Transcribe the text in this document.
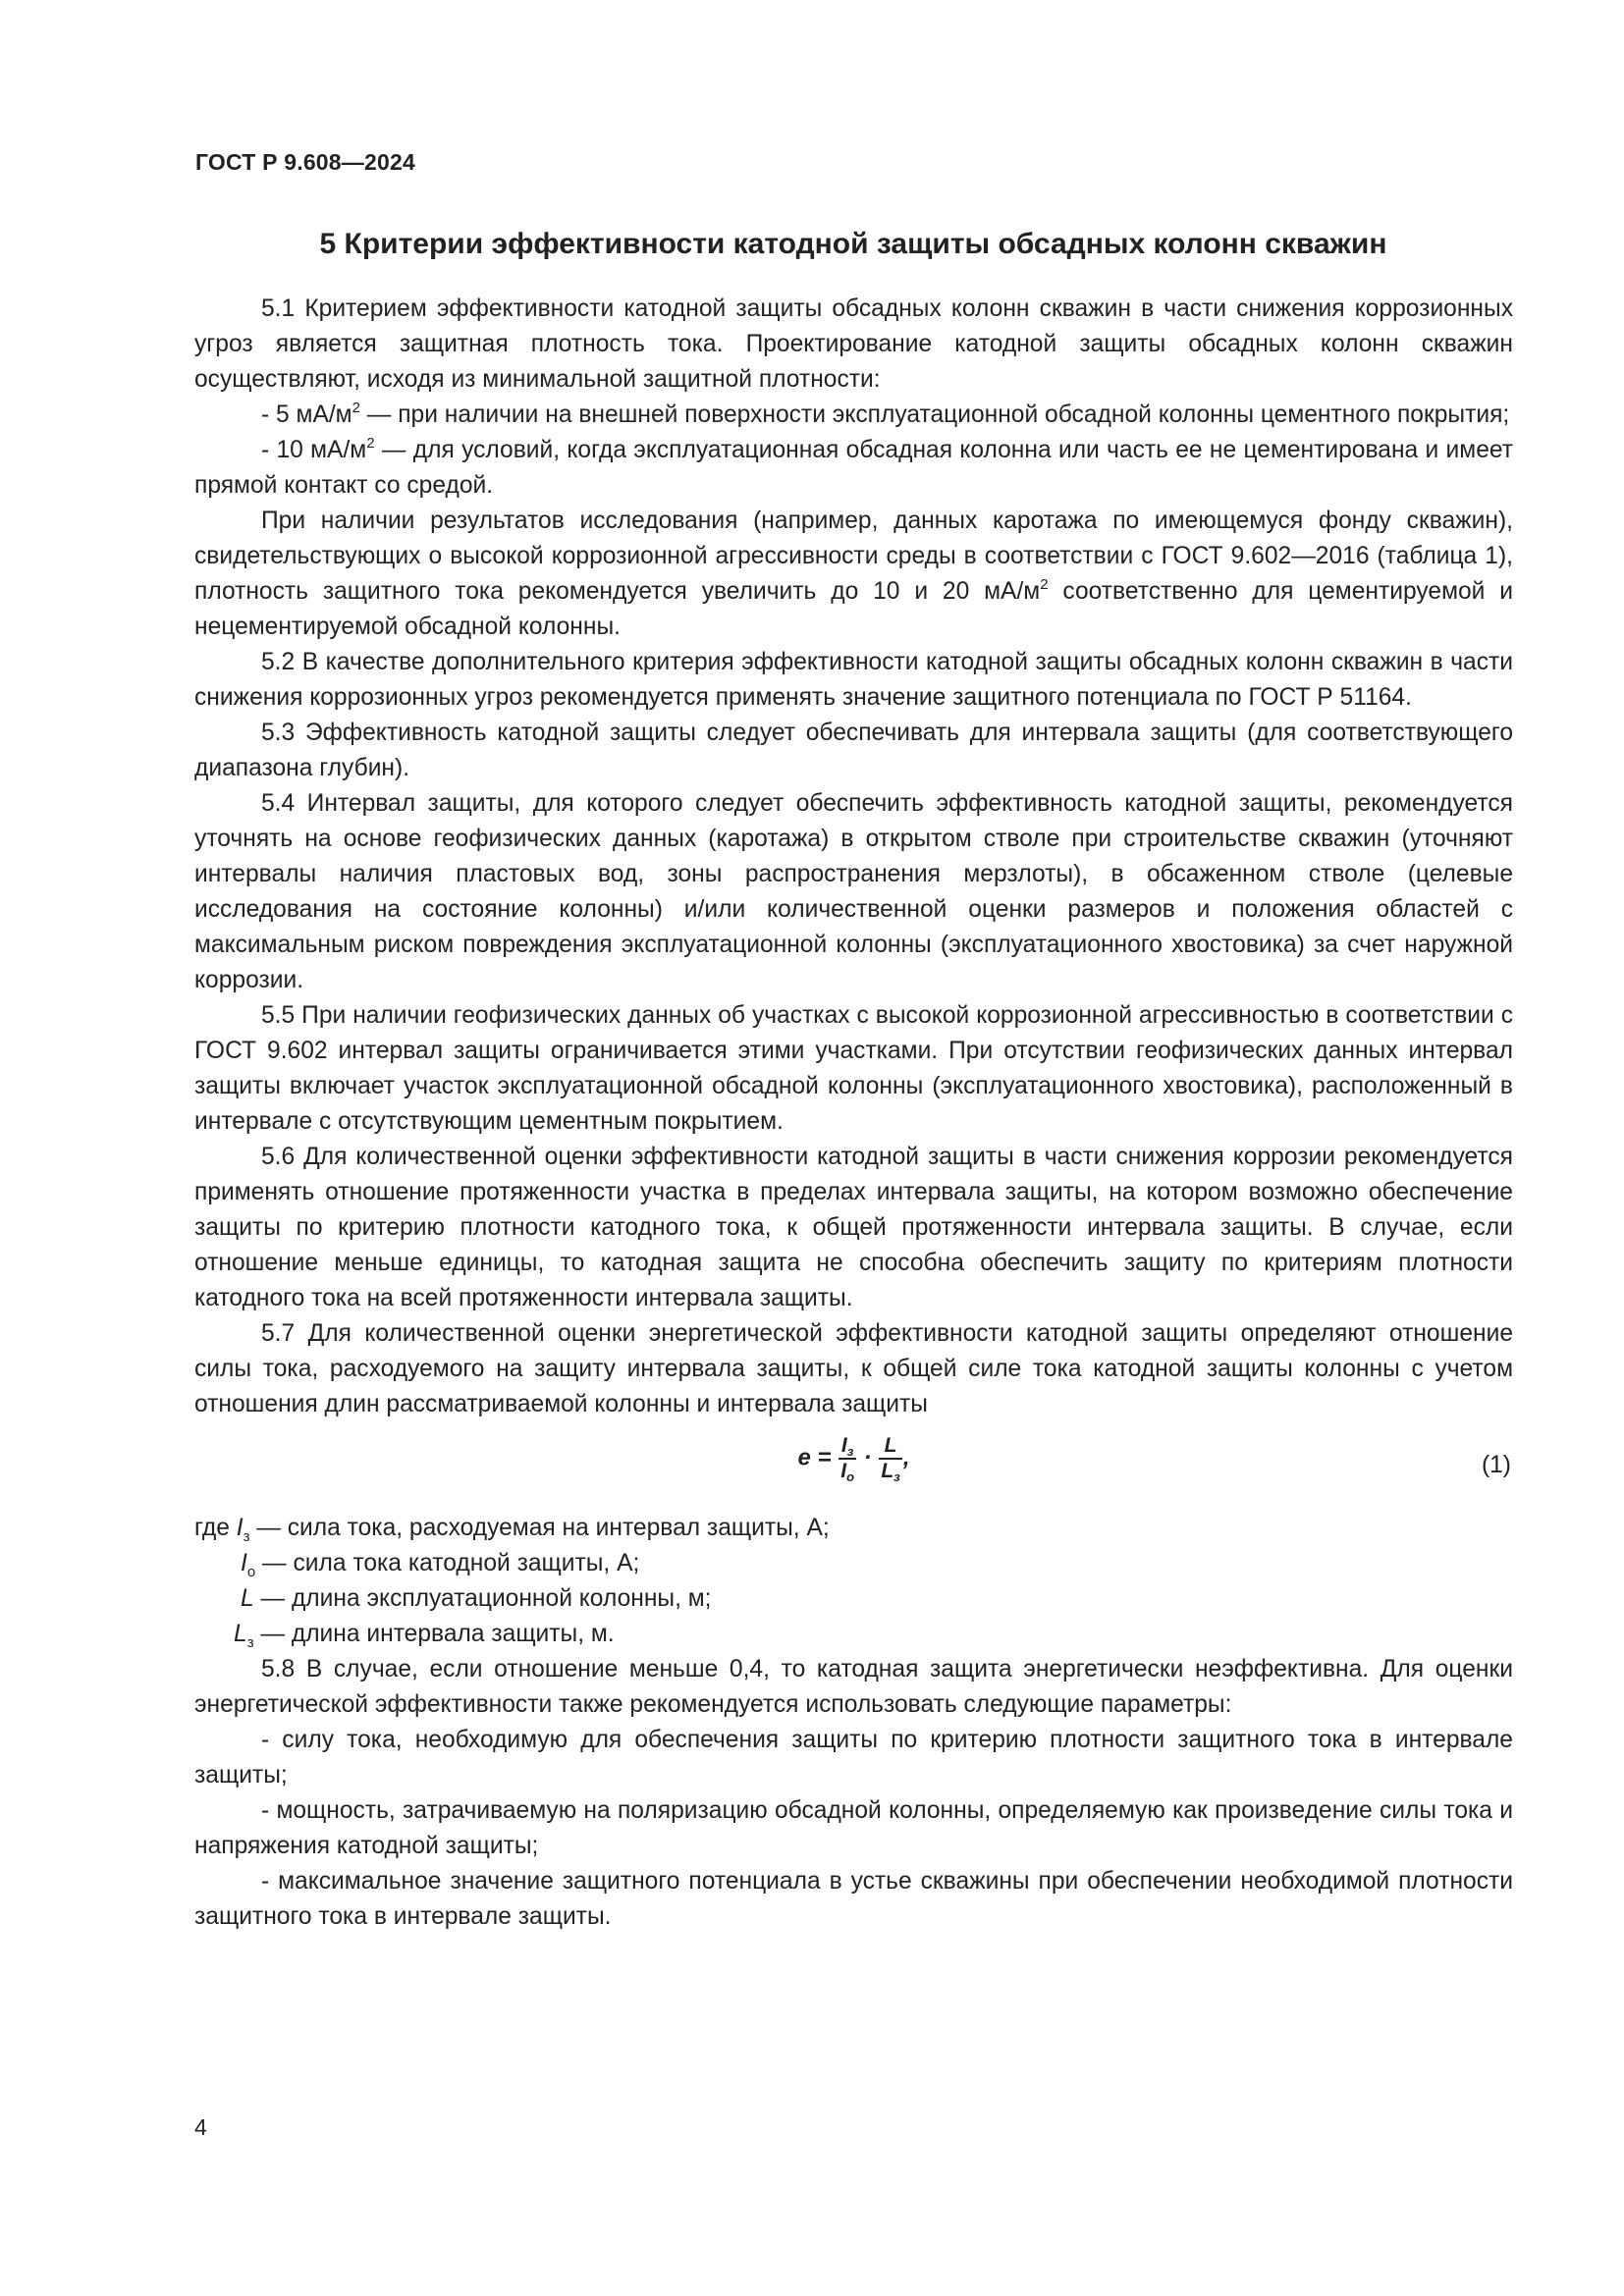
ГОСТ Р 9.608—2024
5 Критерии эффективности катодной защиты обсадных колонн скважин

5.1 Критерием эффективности катодной защиты обсадных колонн скважин в части снижения коррозионных угроз является защитная плотность тока. Проектирование катодной защиты обсадных колонн скважин осуществляют, исходя из минимальной защитной плотности:

- 5 $мА/м^2$ — при наличии на внешней поверхности эксплуатационной обсадной колонны цементного покрытия;

- 10 $мА/м^2$ — для условий, когда эксплуатационная обсадная колонна или часть ее не цементирована и имеет прямой контакт со средой.

При наличии результатов исследования (например, данных каротажа по имеющемуся фонду скважин), свидетельствующих о высокой коррозионной агрессивности среды в соответствии с ГОСТ 9.602—2016 (таблица 1), плотность защитного тока рекомендуется увеличить до 10 и 20 $мА/м^2$ соответственно для цементируемой и нецементируемой обсадной колонны.

5.2 В качестве дополнительного критерия эффективности катодной защиты обсадных колонн скважин в части снижения коррозионных угроз рекомендуется применять значение защитного потенциала по ГОСТ Р 51164.

5.3 Эффективность катодной защиты следует обеспечивать для интервала защиты (для соответствующего диапазона глубин).

5.4 Интервал защиты, для которого следует обеспечить эффективность катодной защиты, рекомендуется уточнять на основе геофизических данных (каротажа) в открытом стволе при строительстве скважин (уточняют интервалы наличия пластовых вод, зоны распространения мерзлоты), в обсаженном стволе (целевые исследования на состояние колонны) и/или количественной оценки размеров и положения областей с максимальным риском повреждения эксплуатационной колонны (эксплуатационного хвостовика) за счет наружной коррозии.

5.5 При наличии геофизических данных об участках с высокой коррозионной агрессивностью в соответствии с ГОСТ 9.602 интервал защиты ограничивается этими участками. При отсутствии геофизических данных интервал защиты включает участок эксплуатационной обсадной колонны (эксплуатационного хвостовика), расположенный в интервале с отсутствующим цементным покрытием.

5.6 Для количественной оценки эффективности катодной защиты в части снижения коррозии рекомендуется применять отношение протяженности участка в пределах интервала защиты, на котором возможно обеспечение защиты по критерию плотности катодного тока, к общей протяженности интервала защиты. В случае, если отношение меньше единицы, то катодная защита не способна обеспечить защиту по критериям плотности катодного тока на всей протяженности интервала защиты.

5.7 Для количественной оценки энергетической эффективности катодной защиты определяют отношение силы тока, расходуемого на защиту интервала защиты, к общей силе тока катодной защиты колонны с учетом отношения длин рассматриваемой колонны и интервала защиты

$e = \frac{I_з}{I_о} \cdot \frac{L}{L_з}$ ,	(1)

где $I_з$ — сила тока, расходуемая на интервал защиты, А;

$I_о$ — сила тока катодной защиты, А;

L — длина эксплуатационной колонны, м;

$L_з$ — длина интервала защиты, м.

5.8 В случае, если отношение меньше 0,4, то катодная защита энергетически неэффективна. Для оценки энергетической эффективности также рекомендуется использовать следующие параметры:

- силу тока, необходимую для обеспечения защиты по критерию плотности защитного тока в интервале защиты;

- мощность, затрачиваемую на поляризацию обсадной колонны, определяемую как произведение силы тока и напряжения катодной защиты;

- максимальное значение защитного потенциала в устье скважины при обеспечении необходимой плотности защитного тока в интервале защиты.

4
